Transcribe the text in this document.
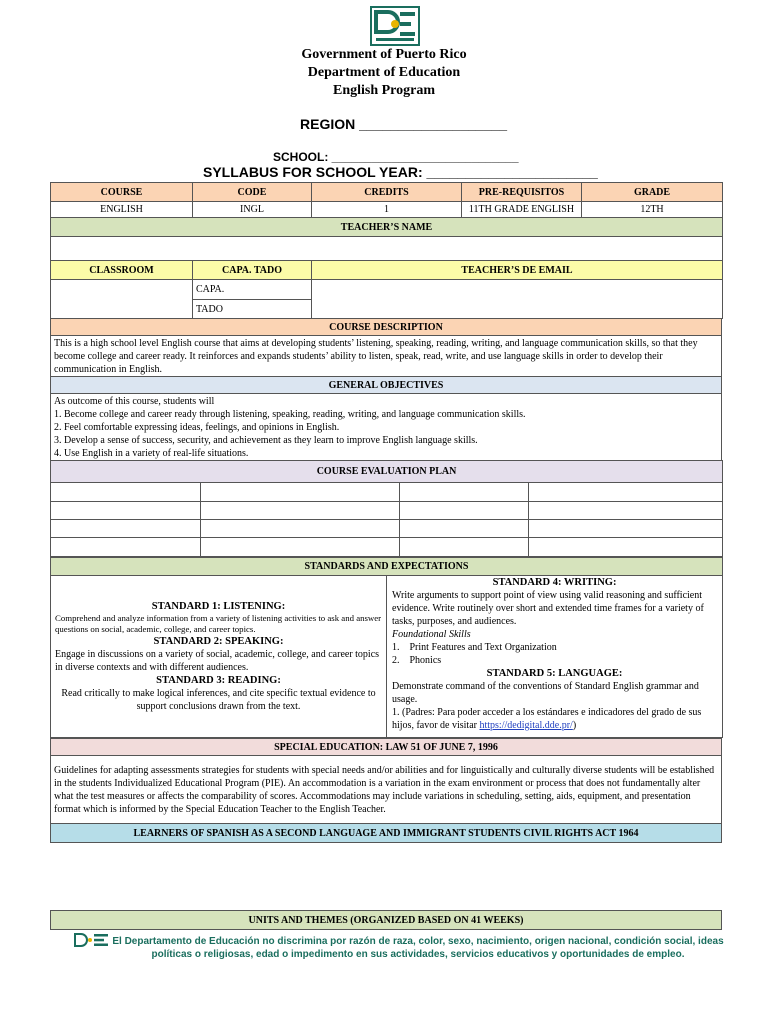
Government of Puerto Rico
Department of Education
English Program
REGION ___________________
SCHOOL: ____________________________
SYLLABUS FOR SCHOOL YEAR: ______________________
COURSE	CODE	CREDITS	PRE-REQUISITOS	GRADE
ENGLISH	INGL	1	11TH GRADE ENGLISH	12TH
TEACHER’S NAME				

CLASSROOM	CAPA. TADO	TEACHER’S DE EMAIL
	CAPA.	
	TADO	
COURSE DESCRIPTION
This is a high school level English course that aims at developing students’ listening, speaking, reading, writing, and language communication skills, so that they become college and career ready. It reinforces and expands students’ ability to listen, speak, read, write, and use language skills in order to develop their communication in English.
GENERAL OBJECTIVES

As outcome of this course, students will
1. Become college and career ready through listening, speaking, reading, writing, and language communication skills.
2. Feel comfortable expressing ideas, feelings, and opinions in English.
3. Develop a sense of success, security, and achievement as they learn to improve English language skills.
4. Use English in a variety of real-life situations.
COURSE EVALUATION PLAN			

STANDARDS AND EXPECTATIONS

STANDARD 1: LISTENING:
Comprehend and analyze information from a variety of listening activities to ask and answer questions on social, academic, college, and career topics.
STANDARD 2: SPEAKING:
Engage in discussions on a variety of social, academic, college, and career topics in diverse contexts and with different audiences.
STANDARD 3: READING:
Read critically to make logical inferences, and cite specific textual evidence to support conclusions drawn from the text.

STANDARD 4: WRITING:
Write arguments to support point of view using valid reasoning and sufficient evidence. Write routinely over short and extended time frames for a variety of tasks, purposes, and audiences.
Foundational Skills
1.    Print Features and Text Organization
2.    Phonics
STANDARD 5: LANGUAGE:
Demonstrate command of the conventions of Standard English grammar and usage.
1. (Padres: Para poder acceder a los estándares e indicadores del grado de sus hijos, favor de visitar https://dedigital.dde.pr/)
SPECIAL EDUCATION: LAW 51 OF JUNE 7, 1996
Guidelines for adapting assessments strategies for students with special needs and/or abilities and for linguistically and culturally diverse students will be established in the students Individualized Educational Program (PIE). An accommodation is a variation in the exam environment or process that does not fundamentally alter what the test measures or affects the comparability of scores. Accommodations may include variations in scheduling, setting, aids, equipment, and presentation format which is informed by the Special Education Teacher to the English Teacher.
LEARNERS OF SPANISH AS A SECOND LANGUAGE AND IMMIGRANT STUDENTS CIVIL RIGHTS ACT 1964
UNITS AND THEMES (ORGANIZED BASED ON 41 WEEKS)
El Departamento de Educación no discrimina por razón de raza, color, sexo, nacimiento, origen nacional, condición social, ideas políticas o religiosas, edad o impedimento en sus actividades, servicios educativos y oportunidades de empleo.
